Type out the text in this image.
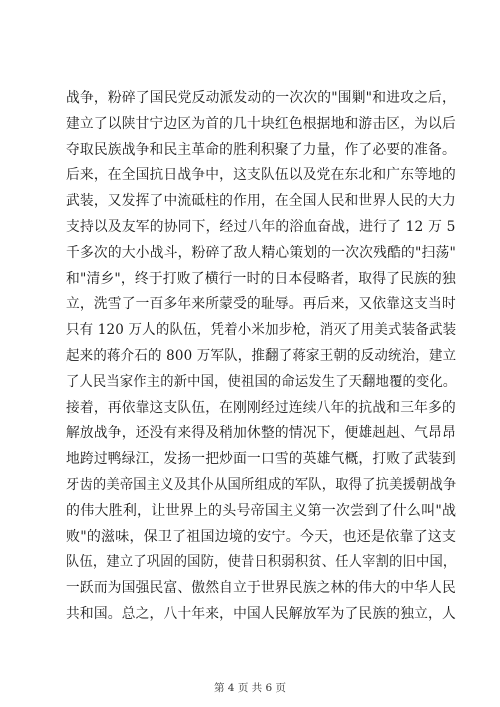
战争，粉碎了国民党反动派发动的一次次的"围剿"和进攻之后，
建立了以陕甘宁边区为首的几十块红色根据地和游击区，为以后
夺取民族战争和民主革命的胜利积聚了力量，作了必要的准备。
后来，在全国抗日战争中，这支队伍以及党在东北和广东等地的
武装，又发挥了中流砥柱的作用，在全国人民和世界人民的大力
支持以及友军的协同下，经过八年的浴血奋战，进行了 12 万 5
千多次的大小战斗，粉碎了敌人精心策划的一次次残酷的"扫荡"
和"清乡"，终于打败了横行一时的日本侵略者，取得了民族的独
立，洗雪了一百多年来所蒙受的耻辱。再后来，又依靠这支当时
只有 120 万人的队伍，凭着小米加步枪，消灭了用美式装备武装
起来的蒋介石的 800 万军队，推翻了蒋家王朝的反动统治，建立
了人民当家作主的新中国，使祖国的命运发生了天翻地覆的变化。
接着，再依靠这支队伍，在刚刚经过连续八年的抗战和三年多的
解放战争，还没有来得及稍加休整的情况下，便雄赳赳、气昂昂
地跨过鸭绿江，发扬一把炒面一口雪的英雄气概，打败了武装到
牙齿的美帝国主义及其仆从国所组成的军队，取得了抗美援朝战争
的伟大胜利，让世界上的头号帝国主义第一次尝到了什么叫"战
败"的滋味，保卫了祖国边境的安宁。今天，也还是依靠了这支
队伍，建立了巩固的国防，使昔日积弱积贫、任人宰割的旧中国，
一跃而为国强民富、傲然自立于世界民族之林的伟大的中华人民
共和国。总之，八十年来，中国人民解放军为了民族的独立，人
第 4 页 共 6 页
